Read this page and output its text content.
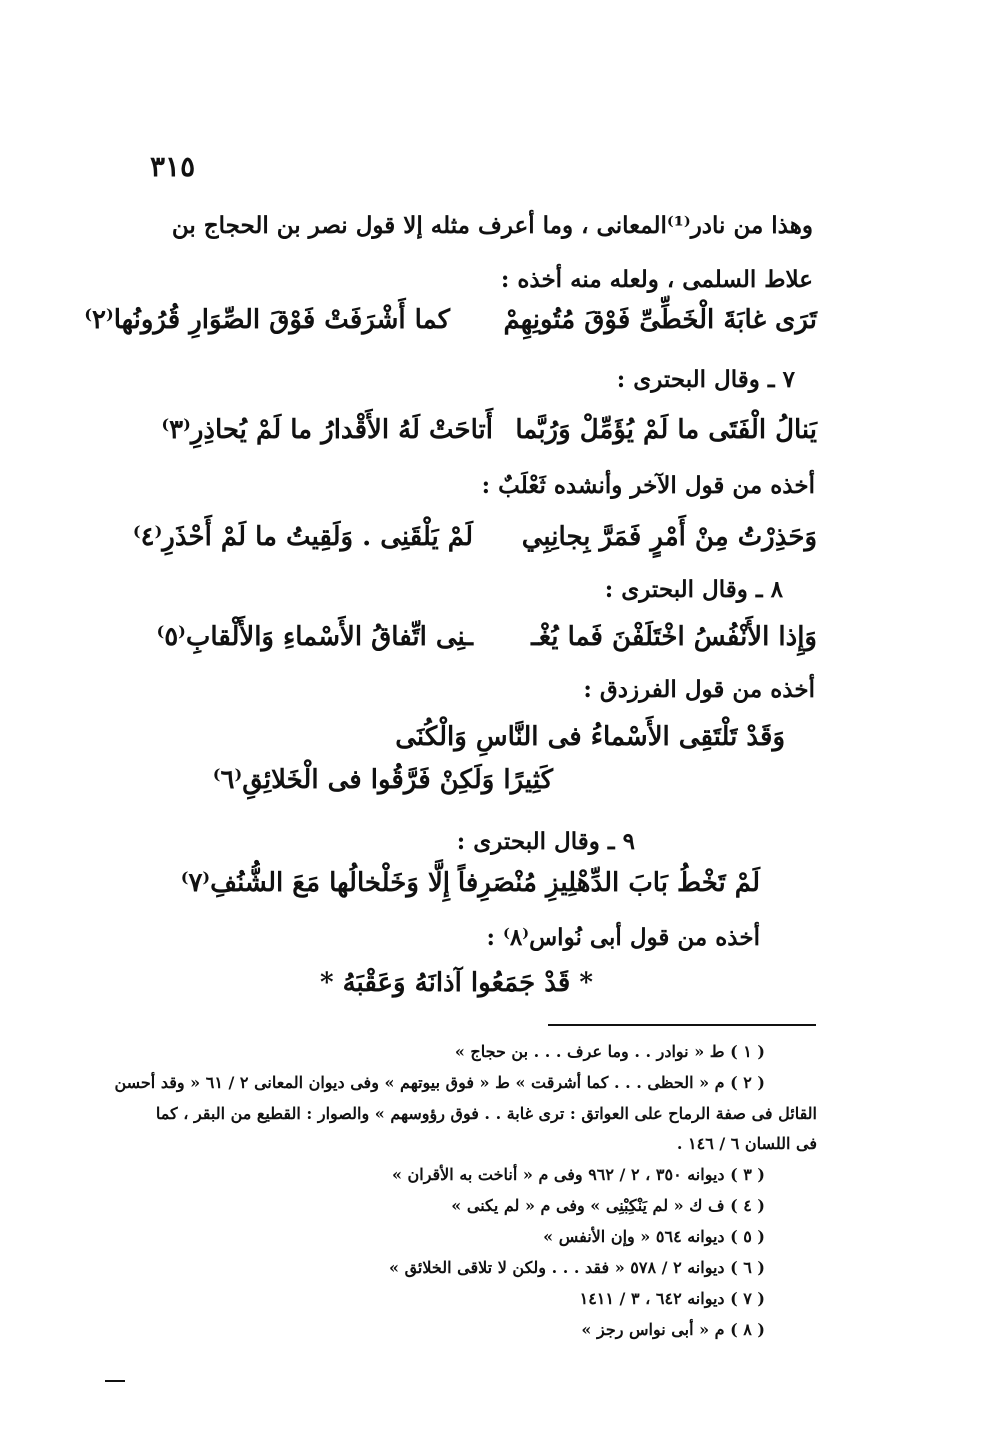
٣١٥
وهذا من نادر⁽¹⁾المعانى ، وما أعرف مثله إلا قول نصر بن الحجاج بن
علاط السلمى ، ولعله منه أخذه :
تَرَى غابَةَ الْخَطِّىِّ فَوْقَ مُتُونِهِمْ
كما أَشْرَفَتْ فَوْقَ الصِّوَارِ قُرُونُها⁽٢⁾
٧ ـ وقال البحترى :
يَنالُ الْفَتَى ما لَمْ يُؤَمِّلْ وَرُبَّما
أَتاحَتْ لَهُ الأَقْدارُ ما لَمْ يُحاذِرِ⁽٣⁾
أخذه من قول الآخر وأنشده ثَعْلَبٌ :
وَحَذِرْتُ مِنْ أَمْرٍ فَمَرَّ بِجانِبِي
لَمْ يَلْقَنِى . وَلَقِيتُ ما لَمْ أَحْذَرِ⁽٤⁾
٨ ـ وقال البحترى :
وَإِذا الأَنْفُسُ اخْتَلَفْنَ فَما يُغْـ
ـنِى اتِّفاقُ الأَسْماءِ وَالأَلْقابِ⁽٥⁾
أخذه من قول الفرزدق :
وَقَدْ تَلْتَقِى الأَسْماءُ فى النَّاسِ وَالْكُنَى
كَثِيرًا وَلَكِنْ فَرَّقُوا فى الْخَلائِقِ⁽٦⁾
٩ ـ وقال البحترى :
لَمْ تَخْطُ بَابَ الدِّهْلِيزِ مُنْصَرِفاً
إِلَّا وَخَلْخالُها مَعَ الشُّنُفِ⁽٧⁾
أخذه من قول أبى نُواس⁽٨⁾ :
* قَدْ جَمَعُوا آذانَهُ وَعَقْبَهُ *
( ١ ) ط « نوادر . . وما عرف . . . بن حجاج »
( ٢ ) م « الحظى . . . كما أشرقت » ط « فوق بيوتهم » وفى ديوان المعانى ٢ / ٦١ « وقد أحسن
القائل فى صفة الرماح على العواتق : ترى غابة . . فوق رؤوسهم » والصوار : القطيع من البقر ، كما
فى اللسان ٦ / ١٤٦ .
( ٣ ) ديوانه ٣٥٠ ، ٢ / ٩٦٢ وفى م « أناخت به الأقران »
( ٤ ) ف ك « لم يَنْكِبْنِى » وفى م « لم يكنى »
( ٥ ) ديوانه ٥٦٤ « وإن الأنفس »
( ٦ ) ديوانه ٢ / ٥٧٨ « فقد . . . ولكن لا تلاقى الخلائق »
( ٧ ) ديوانه ٦٤٢ ، ٣ / ١٤١١
( ٨ ) م « أبى نواس رجز »
